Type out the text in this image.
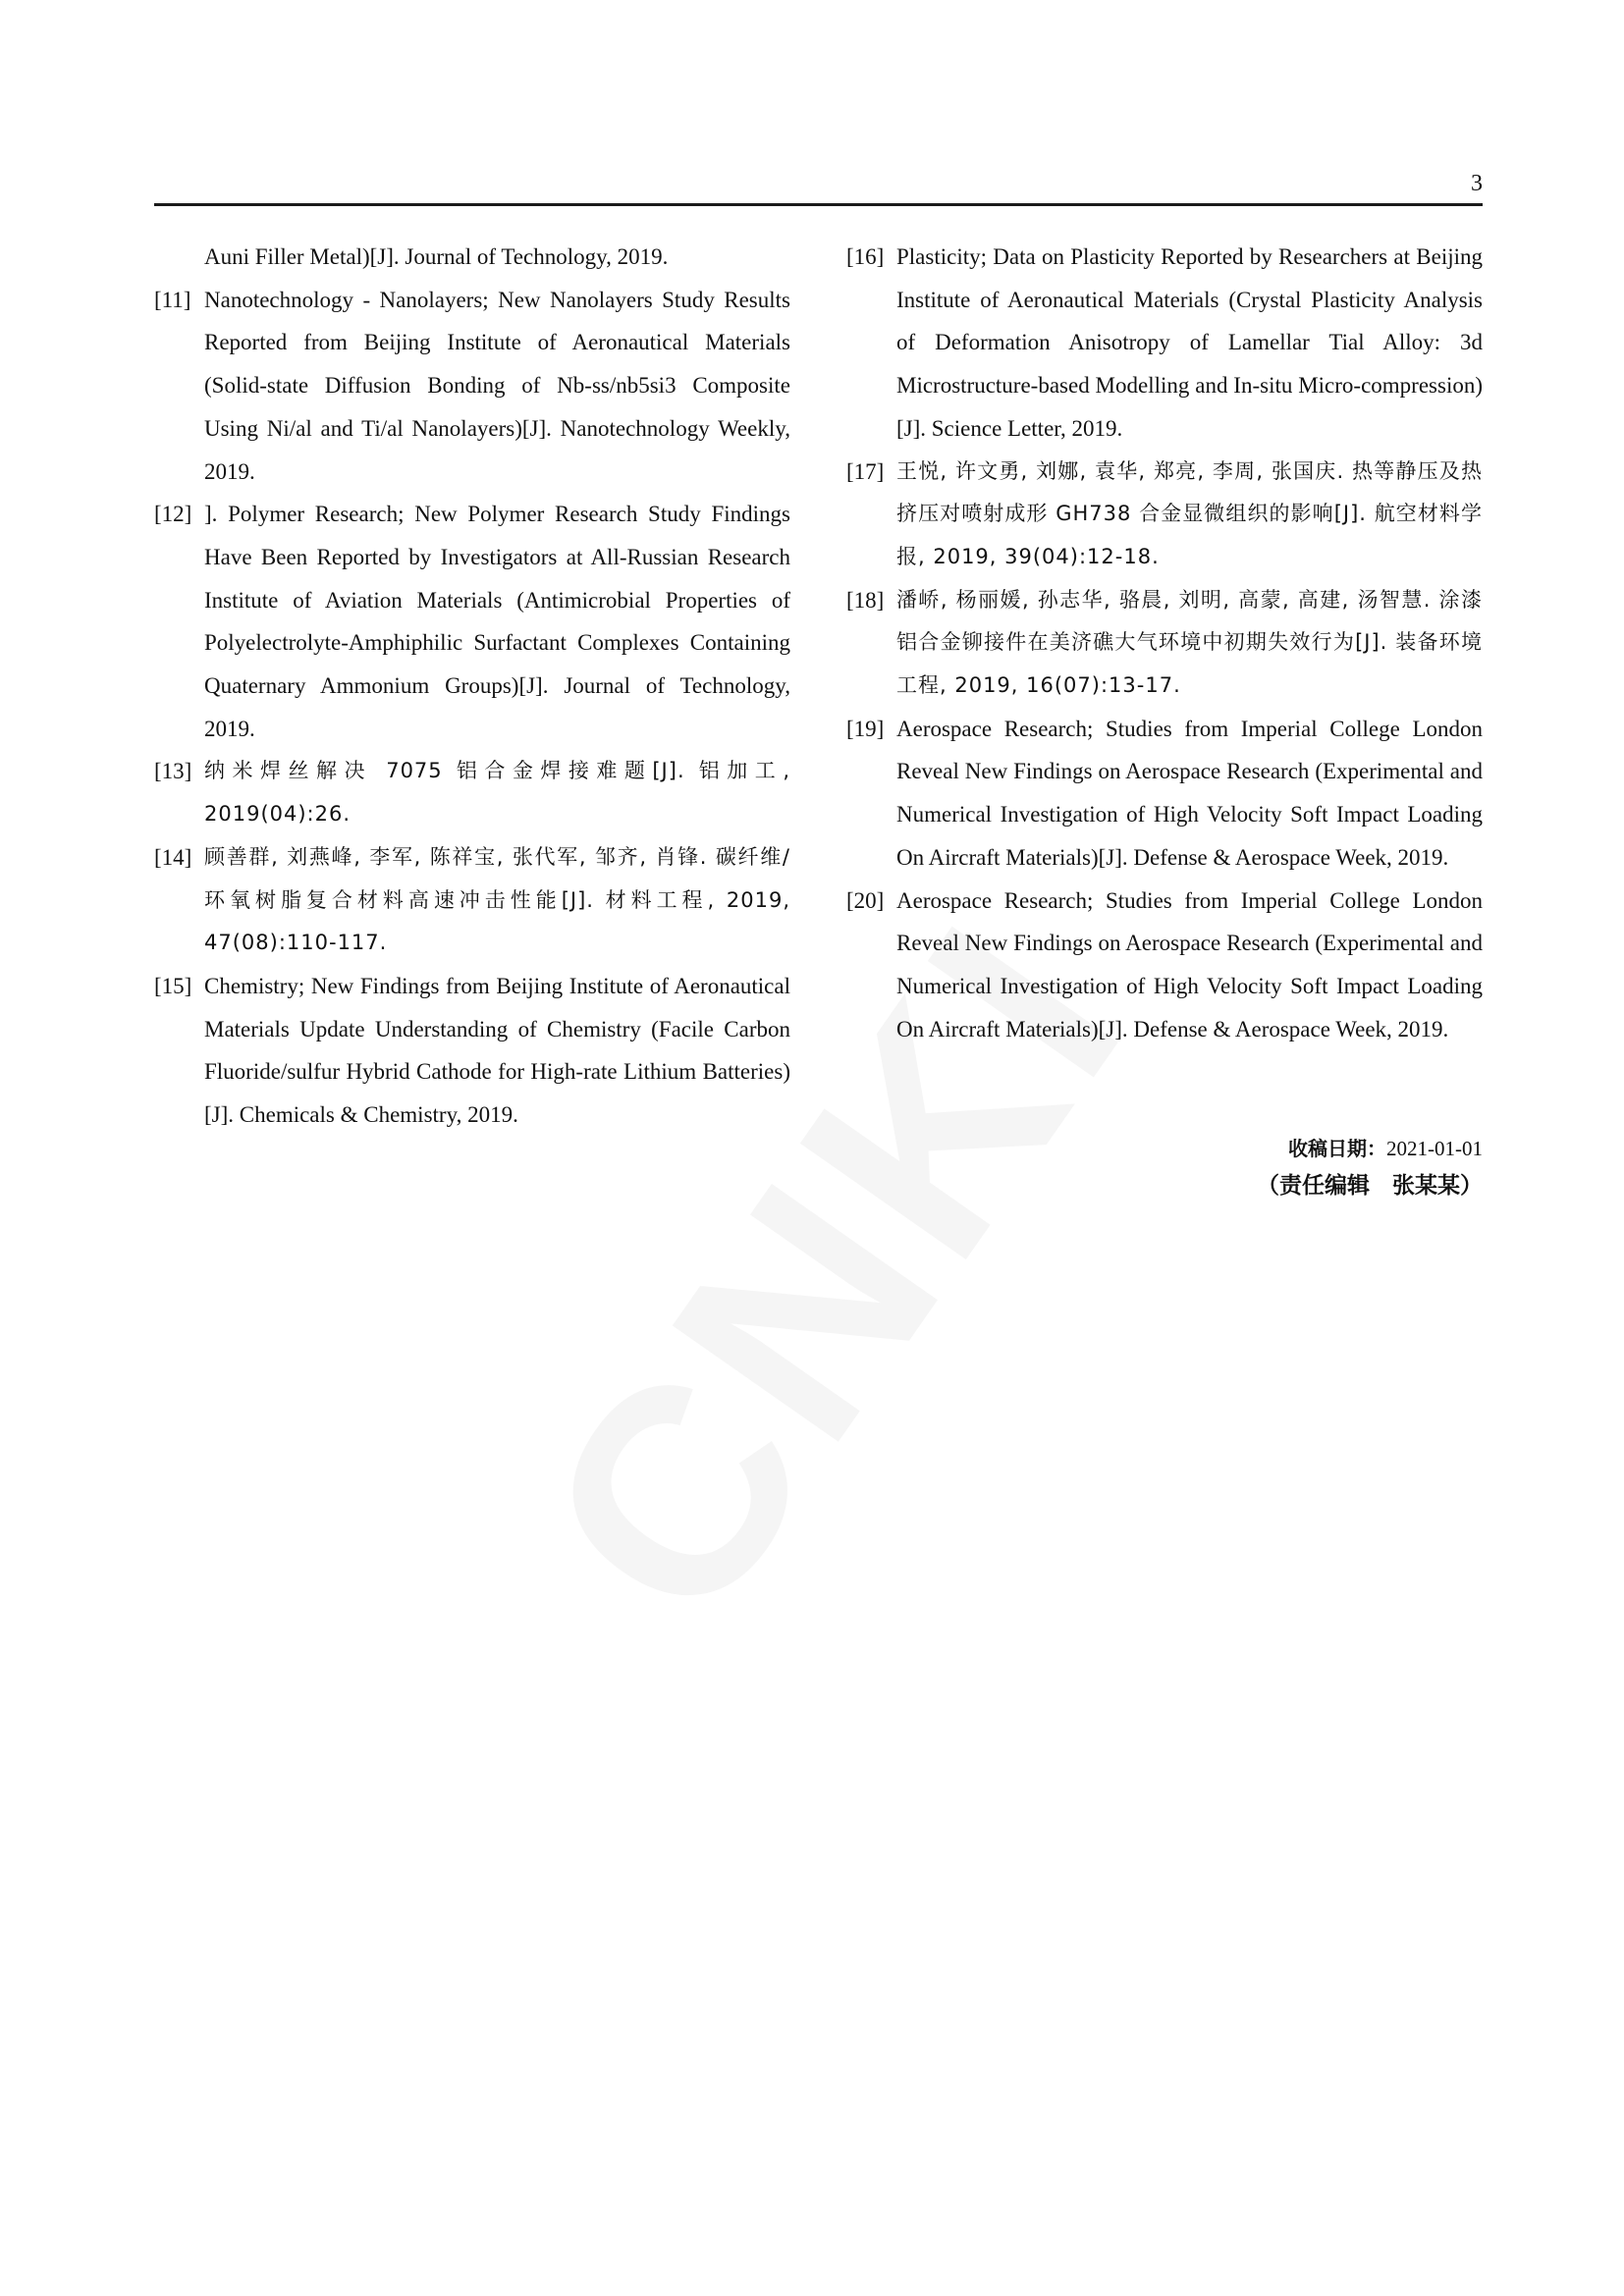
3
Auni Filler Metal)[J]. Journal of Technology, 2019.
[11] Nanotechnology - Nanolayers; New Nanolayers Study Results Reported from Beijing Institute of Aeronautical Materials (Solid-state Diffusion Bonding of Nb-ss/nb5si3 Composite Using Ni/al and Ti/al Nanolayers)[J]. Nanotechnology Weekly, 2019.
[12] ]. Polymer Research; New Polymer Research Study Findings Have Been Reported by Investigators at All-Russian Research Institute of Aviation Materials (Antimicrobial Properties of Polyelectrolyte-Amphiphilic Surfactant Complexes Containing Quaternary Ammonium Groups)[J]. Journal of Technology, 2019.
[13] 纳米焊丝解决 7075 铝合金焊接难题[J]. 铝加工, 2019(04):26.
[14] 顾善群, 刘燕峰, 李军, 陈祥宝, 张代军, 邹齐, 肖锋. 碳纤维/环氧树脂复合材料高速冲击性能[J]. 材料工程, 2019, 47(08):110-117.
[15] Chemistry; New Findings from Beijing Institute of Aeronautical Materials Update Understanding of Chemistry (Facile Carbon Fluoride/sulfur Hybrid Cathode for High-rate Lithium Batteries)[J]. Chemicals & Chemistry, 2019.
[16] Plasticity; Data on Plasticity Reported by Researchers at Beijing Institute of Aeronautical Materials (Crystal Plasticity Analysis of Deformation Anisotropy of Lamellar Tial Alloy: 3d Microstructure-based Modelling and In-situ Micro-compression)[J]. Science Letter, 2019.
[17] 王悦, 许文勇, 刘娜, 袁华, 郑亮, 李周, 张国庆. 热等静压及热挤压对喷射成形 GH738 合金显微组织的影响[J]. 航空材料学报, 2019, 39(04):12-18.
[18] 潘峤, 杨丽媛, 孙志华, 骆晨, 刘明, 高蒙, 高建, 汤智慧. 涂漆铝合金铆接件在美济礁大气环境中初期失效行为[J]. 装备环境工程, 2019, 16(07):13-17.
[19] Aerospace Research; Studies from Imperial College London Reveal New Findings on Aerospace Research (Experimental and Numerical Investigation of High Velocity Soft Impact Loading On Aircraft Materials)[J]. Defense & Aerospace Week, 2019.
[20] Aerospace Research; Studies from Imperial College London Reveal New Findings on Aerospace Research (Experimental and Numerical Investigation of High Velocity Soft Impact Loading On Aircraft Materials)[J]. Defense & Aerospace Week, 2019.
收稿日期：2021-01-01
（责任编辑　张某某）
